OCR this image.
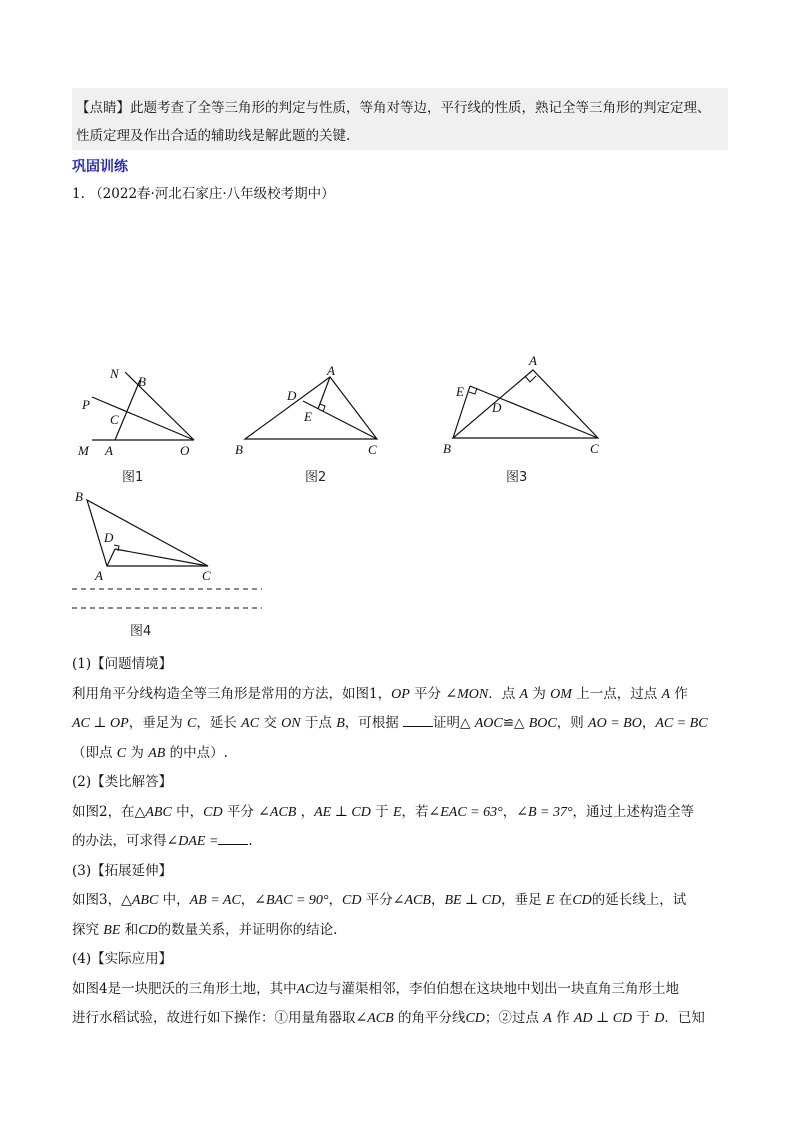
【点睛】此题考查了全等三角形的判定与性质，等角对等边，平行线的性质，熟记全等三角形的判定定理、
性质定理及作出合适的辅助线是解此题的关键.
巩固训练
1. （2022春·河北石家庄·八年级校考期中）
N
B
P
C
M A	O
图1
A
D
E
B	C
图2
A
E
D
B	C
图3
B
D
A	C
图4

(1)【问题情境】

利用角平分线构造全等三角形是常用的方法，如图1，OP 平分 ∠MON．点 A 为 OM 上一点，过点 A 作

AC ⊥ OP，垂足为 C，延长 AC 交 ON 于点 B，可根据 证明△ AOC≌△ BOC，则 AO = BO，AC = BC

（即点 C 为 AB 的中点）.

(2)【类比解答】

如图2，在△ABC 中，CD 平分 ∠ACB ，AE ⊥ CD 于 E，若∠EAC = 63°，∠B = 37°，通过上述构造全等

的办法，可求得∠DAE = .

(3)【拓展延伸】

如图3，△ABC 中，AB = AC，∠BAC = 90°，CD 平分∠ACB，BE ⊥ CD，垂足 E 在CD的延长线上，试

探究 BE 和CD的数量关系，并证明你的结论.

(4)【实际应用】

如图4是一块肥沃的三角形土地，其中AC边与灌渠相邻，李伯伯想在这块地中划出一块直角三角形土地

进行水稻试验，故进行如下操作：①用量角器取∠ACB 的角平分线CD；②过点 A 作 AD ⊥ CD 于 D．已知
